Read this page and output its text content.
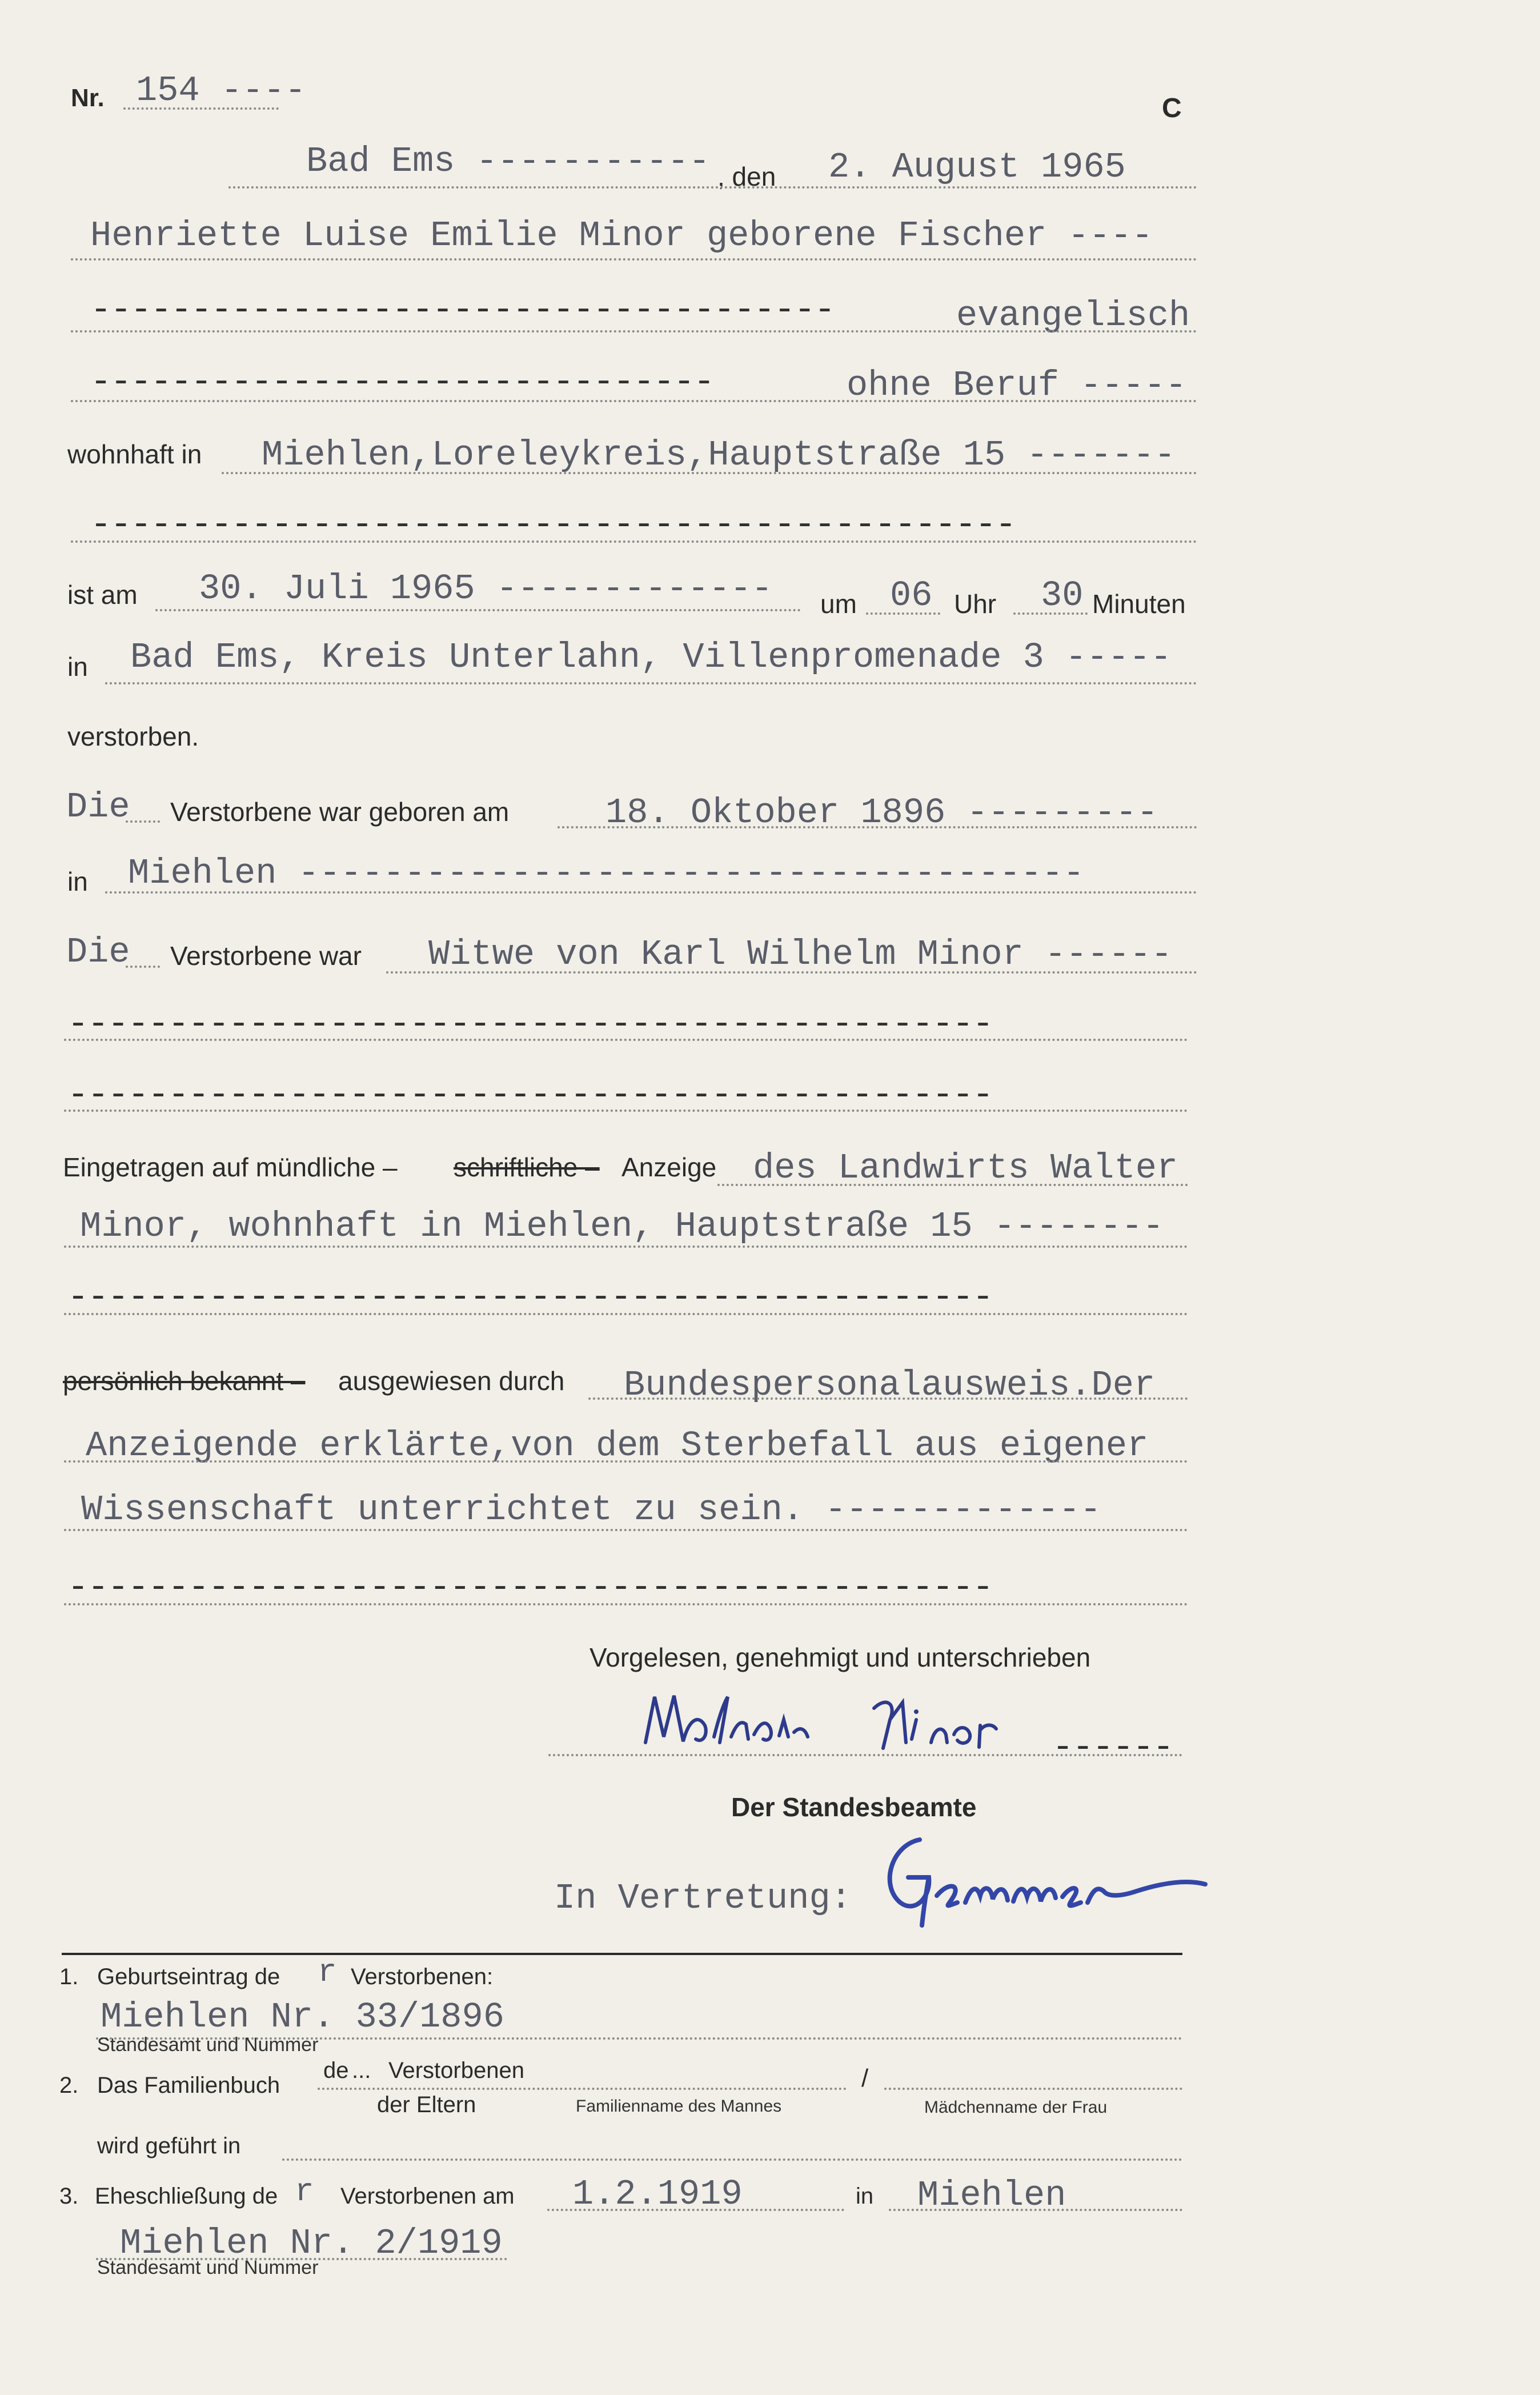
Nr. 154 ----	C
Bad Ems ----------- , den 2. August 1965
Henriette Luise Emilie Minor geborene Fischer ----
-------------------------------------	evangelisch
-------------------------------	ohne Beruf -----
wohnhaft in Miehlen,Loreleykreis,Hauptstraße 15 -------
----------------------------------------------
ist am 30. Juli 1965 ------------- um 06 Uhr 30 Minuten
in Bad Ems, Kreis Unterlahn, Villenpromenade 3 -----
verstorben.
Die Verstorbene war geboren am	18. Oktober 1896 ---------
in Miehlen -------------------------------------
Die Verstorbene war Witwe von Karl Wilhelm Minor ------
----------------------------------------------
----------------------------------------------
Eingetragen auf mündliche – schriftliche – Anzeige des Landwirts Walter
Minor, wohnhaft in Miehlen, Hauptstraße 15 --------
----------------------------------------------
persönlich bekannt – ausgewiesen durch Bundespersonalausweis.Der
Anzeigende erklärte,von dem Sterbefall aus eigener
Wissenschaft unterrichtet zu sein. -------------
----------------------------------------------
Vorgelesen, genehmigt und unterschrieben
------
Der Standesbeamte
In Vertretung:
1. Geburtseintrag de r Verstorbenen:
Miehlen Nr. 33/1896
Standesamt und Nummer
2. Das Familienbuch
de ... Verstorbenen
der Eltern
/
Familienname des Mannes	Mädchenname der Frau
wird geführt in
3. Eheschließung de r Verstorbenen am 1.2.1919	in Miehlen
Miehlen Nr. 2/1919
Standesamt und Nummer
